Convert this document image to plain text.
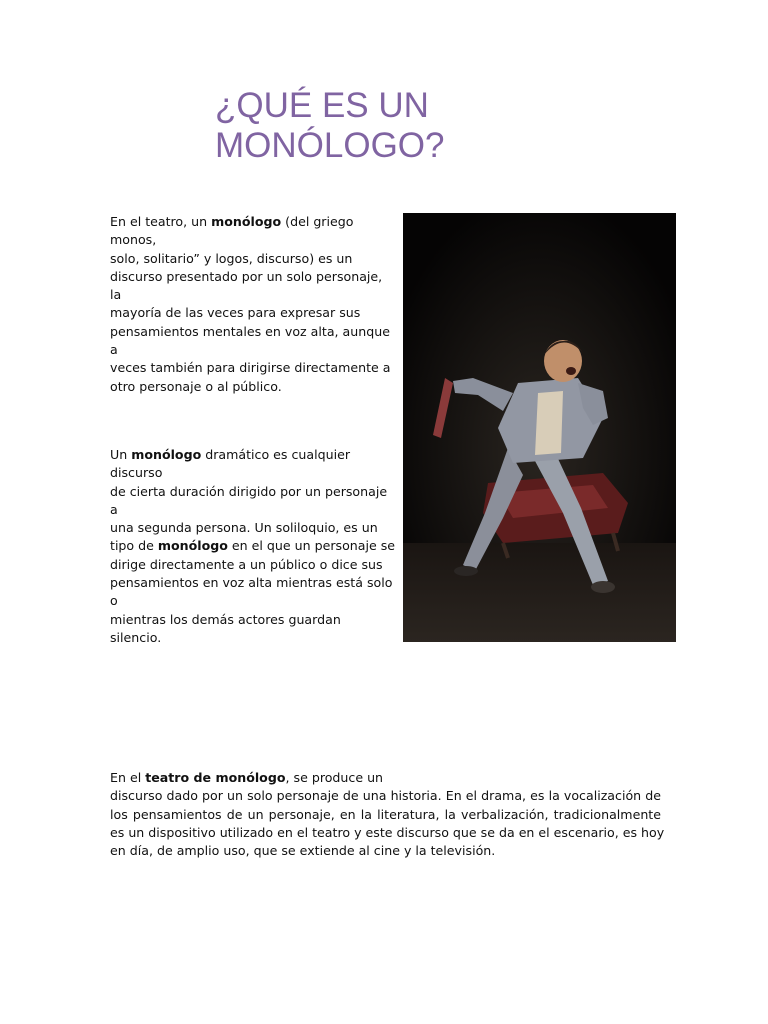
¿QUÉ ES UN
MONÓLOGO?
En el teatro, un monólogo (del griego
monos,
solo, solitario” y logos, discurso) es un
discurso presentado por un solo personaje,
la
mayoría de las veces para expresar sus
pensamientos mentales en voz alta, aunque
a
veces también para dirigirse directamente a
otro personaje o al público.
Un monólogo dramático es cualquier
discurso
de cierta duración dirigido por un personaje
a
una segunda persona. Un soliloquio, es un
tipo de monólogo en el que un personaje se
dirige directamente a un público o dice sus
pensamientos en voz alta mientras está solo
o
mientras los demás actores guardan
silencio.
En el teatro de monólogo, se produce un
discurso dado por un solo personaje de una historia. En el drama, es la vocalización de
los pensamientos de un personaje, en la literatura, la verbalización, tradicionalmente
es un dispositivo utilizado en el teatro y este discurso que se da en el escenario, es hoy
en día, de amplio uso, que se extiende al cine y la televisión.
